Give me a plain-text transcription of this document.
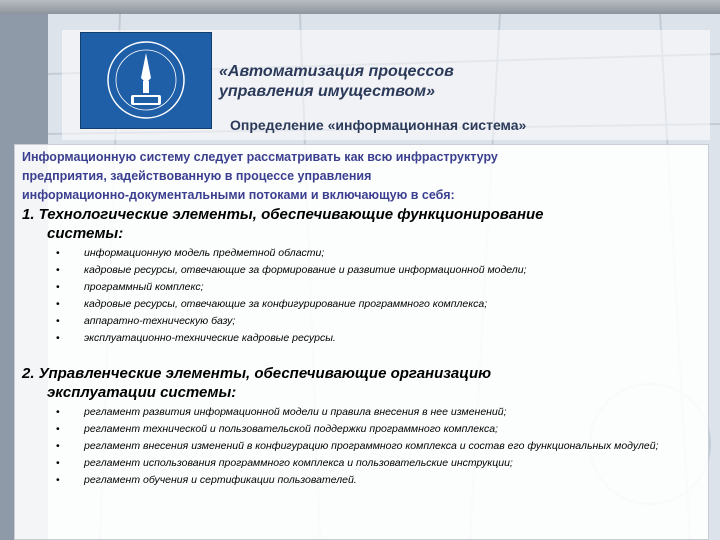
«Автоматизация процессов
управления имуществом»
Определение «информационная система»
Информационную систему следует рассматривать как всю инфраструктуру
предприятия, задействованную в процессе управления
информационно-документальными потоками и включающую в себя:
1. Технологические элементы, обеспечивающие функционирование
системы:
• информационную модель предметной области;
• кадровые ресурсы, отвечающие за формирование и развитие информационной модели;
• программный комплекс;
• кадровые ресурсы, отвечающие за конфигурирование программного комплекса;
• аппаратно-техническую базу;
• эксплуатационно-технические кадровые ресурсы.
2. Управленческие элементы, обеспечивающие организацию
эксплуатации системы:
• регламент развития информационной модели и правила внесения в нее изменений;
• регламент технической и пользовательской поддержки программного комплекса;
• регламент внесения изменений в конфигурацию программного комплекса и состав его функциональных модулей;
• регламент использования программного комплекса и пользовательские инструкции;
• регламент обучения и сертификации пользователей.
